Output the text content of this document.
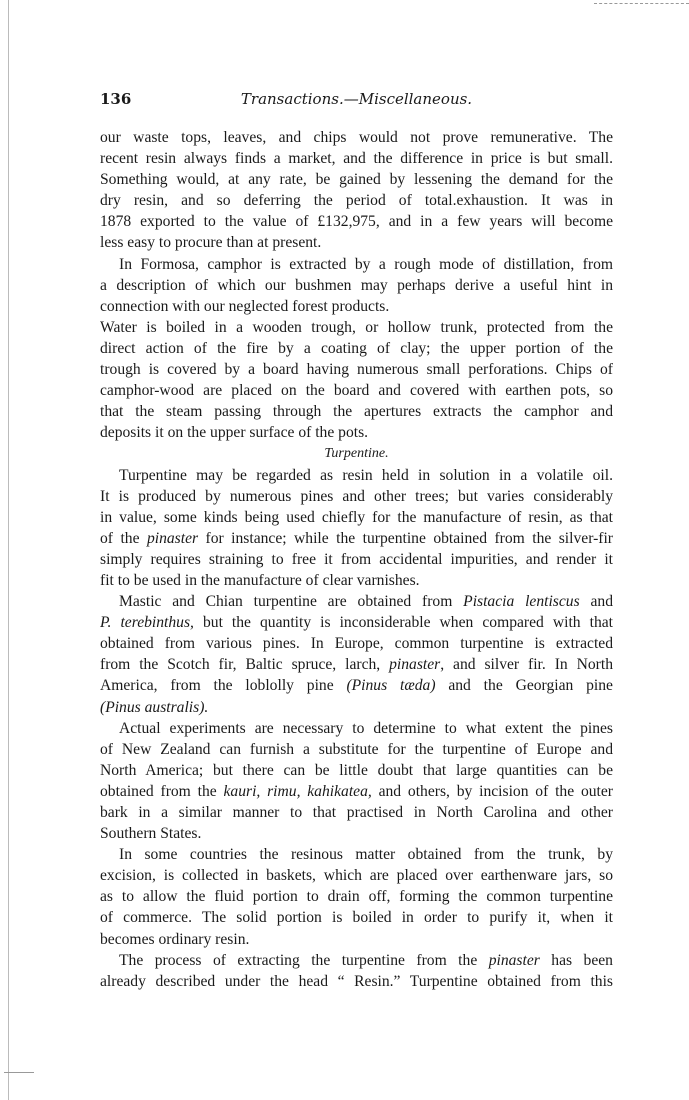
136	Transactions.—Miscellaneous.
our waste tops, leaves, and chips would not prove remunerative. The
recent resin always finds a market, and the difference in price is but small.
Something would, at any rate, be gained by lessening the demand for the
dry resin, and so deferring the period of total.exhaustion. It was in
1878 exported to the value of £132,975, and in a few years will become
less easy to procure than at present.
In Formosa, camphor is extracted by a rough mode of distillation, from
a description of which our bushmen may perhaps derive a useful hint in
connection with our neglected forest products.
Water is boiled in a wooden trough, or hollow trunk, protected from the
direct action of the fire by a coating of clay; the upper portion of the
trough is covered by a board having numerous small perforations. Chips of
camphor-wood are placed on the board and covered with earthen pots, so
that the steam passing through the apertures extracts the camphor and
deposits it on the upper surface of the pots.
Turpentine.
Turpentine may be regarded as resin held in solution in a volatile oil.
It is produced by numerous pines and other trees; but varies considerably
in value, some kinds being used chiefly for the manufacture of resin, as that
of the pinaster for instance; while the turpentine obtained from the silver-fir
simply requires straining to free it from accidental impurities, and render it
fit to be used in the manufacture of clear varnishes.
Mastic and Chian turpentine are obtained from Pistacia lentiscus and
P. terebinthus, but the quantity is inconsiderable when compared with that
obtained from various pines. In Europe, common turpentine is extracted
from the Scotch fir, Baltic spruce, larch, pinaster, and silver fir. In North
America, from the loblolly pine (Pinus tæda) and the Georgian pine
(Pinus australis).
Actual experiments are necessary to determine to what extent the pines
of New Zealand can furnish a substitute for the turpentine of Europe and
North America; but there can be little doubt that large quantities can be
obtained from the kauri, rimu, kahikatea, and others, by incision of the outer
bark in a similar manner to that practised in North Carolina and other
Southern States.
In some countries the resinous matter obtained from the trunk, by
excision, is collected in baskets, which are placed over earthenware jars, so
as to allow the fluid portion to drain off, forming the common turpentine
of commerce. The solid portion is boiled in order to purify it, when it
becomes ordinary resin.
The process of extracting the turpentine from the pinaster has been
already described under the head “ Resin.” Turpentine obtained from this
